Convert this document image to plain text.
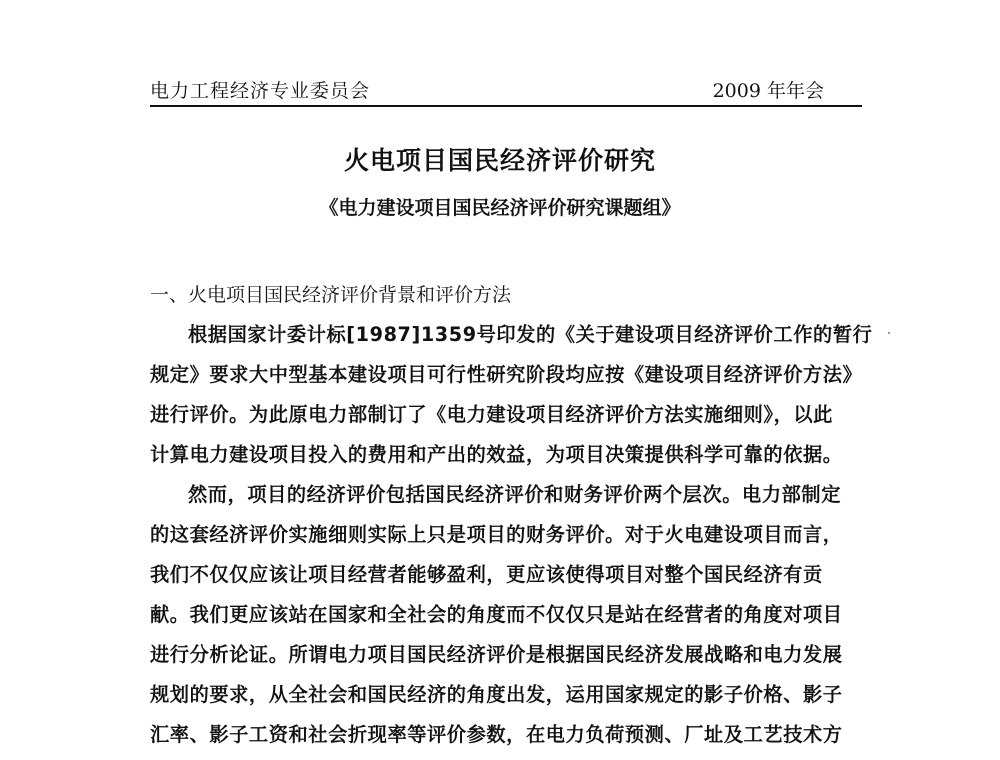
电力工程经济专业委员会	2009 年年会
火电项目国民经济评价研究
《电力建设项目国民经济评价研究课题组》
一、火电项目国民经济评价背景和评价方法
根据国家计委计标[1987]1359号印发的《关于建设项目经济评价工作的暂行
规定》要求大中型基本建设项目可行性研究阶段均应按《建设项目经济评价方法》
进行评价。为此原电力部制订了《电力建设项目经济评价方法实施细则》，以此
计算电力建设项目投入的费用和产出的效益，为项目决策提供科学可靠的依据。
然而，项目的经济评价包括国民经济评价和财务评价两个层次。电力部制定
的这套经济评价实施细则实际上只是项目的财务评价。对于火电建设项目而言，
我们不仅仅应该让项目经营者能够盈利，更应该使得项目对整个国民经济有贡
献。我们更应该站在国家和全社会的角度而不仅仅只是站在经营者的角度对项目
进行分析论证。所谓电力项目国民经济评价是根据国民经济发展战略和电力发展
规划的要求，从全社会和国民经济的角度出发，运用国家规定的影子价格、影子
汇率、影子工资和社会折现率等评价参数，在电力负荷预测、厂址及工艺技术方
